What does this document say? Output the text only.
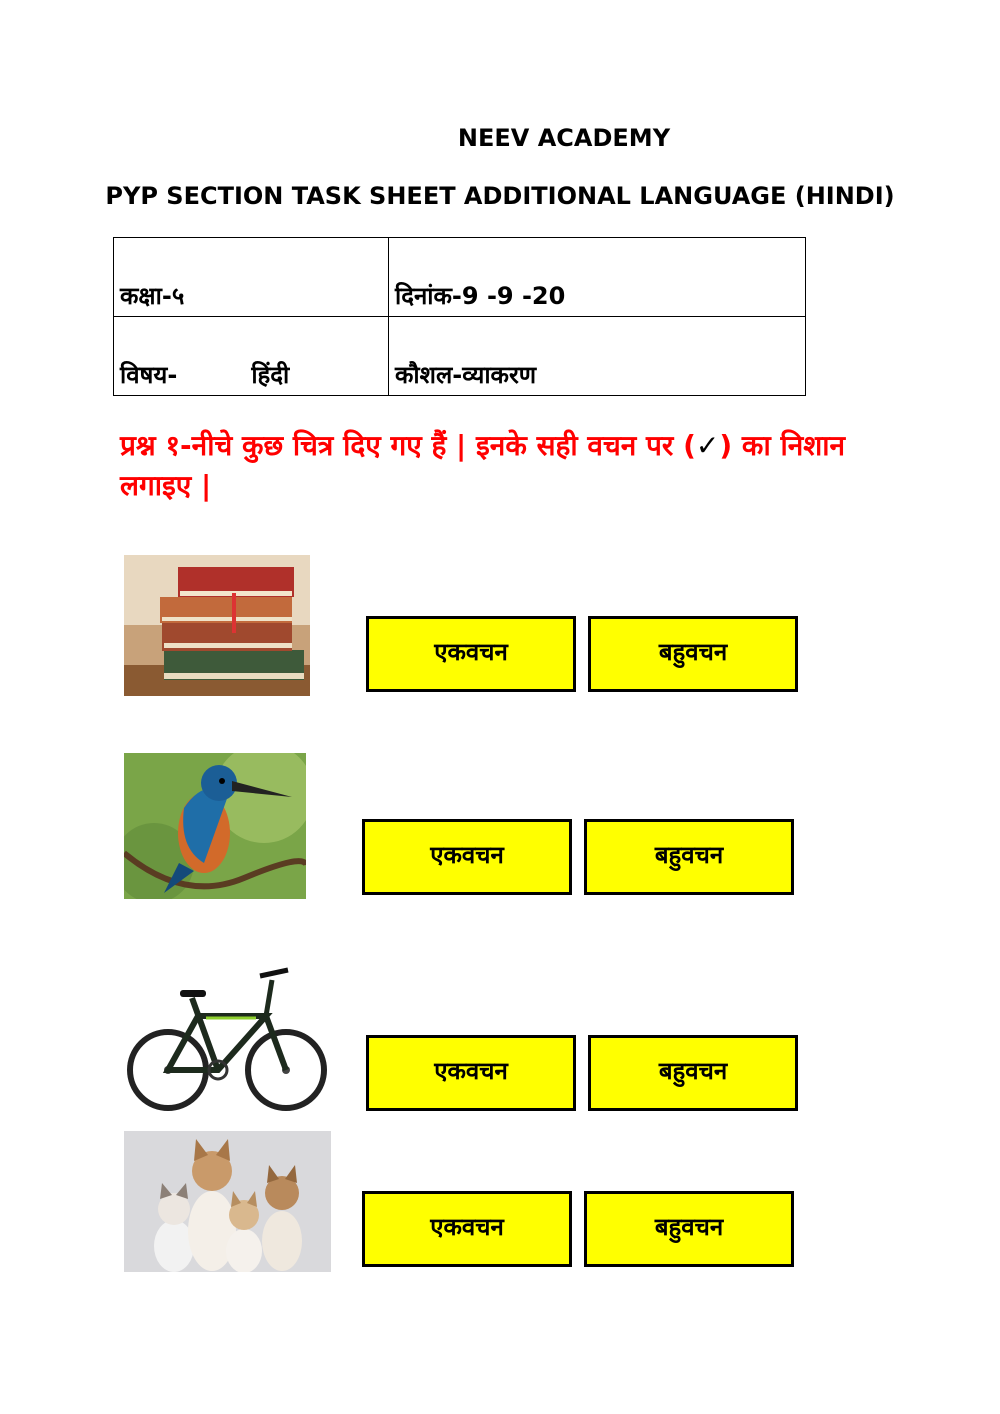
NEEV ACADEMY
PYP SECTION TASK SHEET ADDITIONAL LANGUAGE (HINDI)
कक्षा-५	दिनांक-9 -9 -20
विषय- हिंदी	कौशल-व्याकरण

प्रश्न १-नीचे कुछ चित्र दिए गए हैं | इनके सही वचन पर (✓) का निशान लगाइए |

एकवचन	बहुवचन
एकवचन	बहुवचन
एकवचन	बहुवचन
एकवचन	बहुवचन
